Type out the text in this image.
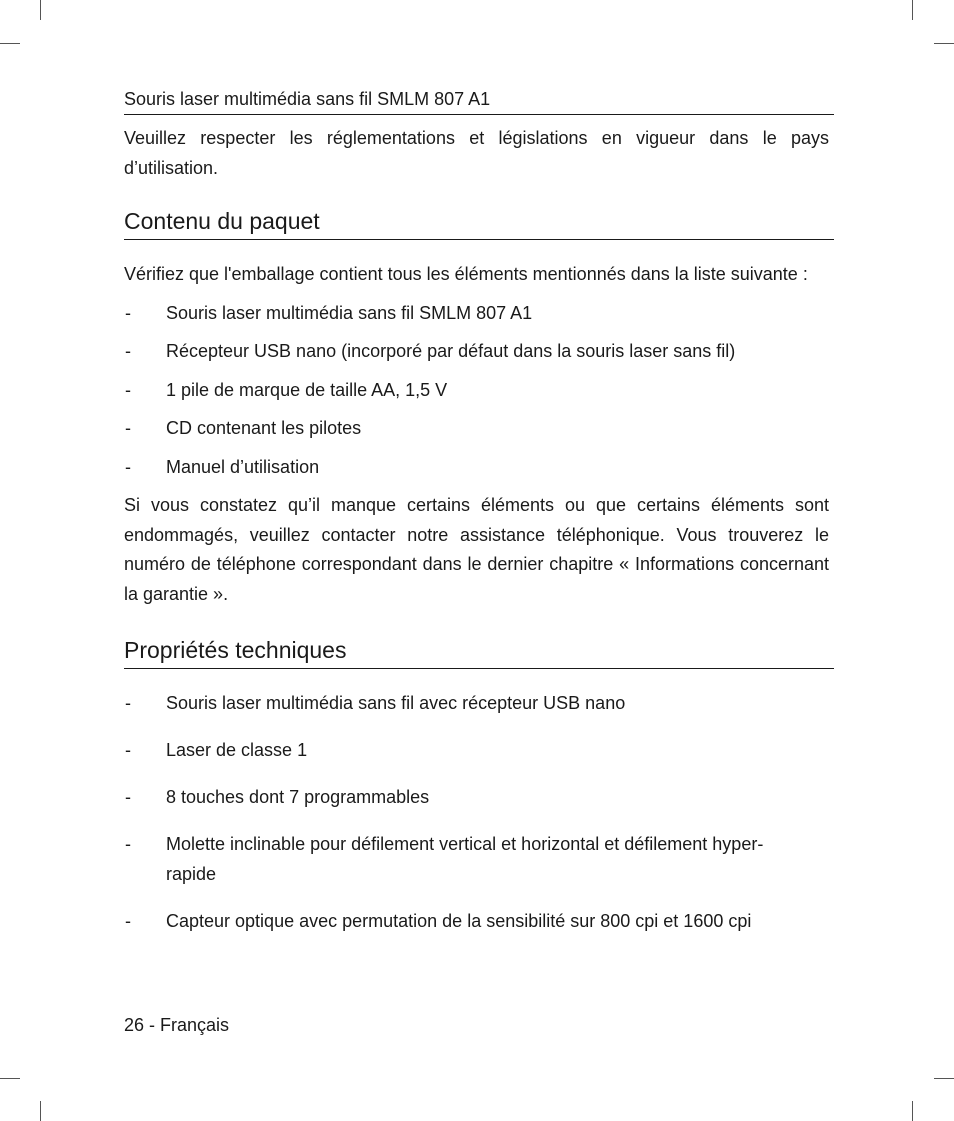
Souris laser multimédia sans fil SMLM 807 A1

Veuillez respecter les réglementations et législations en vigueur dans le pays d’utilisation.

Contenu du paquet

Vérifiez que l'emballage contient tous les éléments mentionnés dans la liste suivante :

- Souris laser multimédia sans fil SMLM 807 A1
- Récepteur USB nano (incorporé par défaut dans la souris laser sans fil)
- 1 pile de marque de taille AA, 1,5 V
- CD contenant les pilotes
- Manuel d’utilisation

Si vous constatez qu’il manque certains éléments ou que certains éléments sont endommagés, veuillez contacter notre assistance téléphonique. Vous trouverez le numéro de téléphone correspondant dans le dernier chapitre « Informations concernant la garantie ».

Propriétés techniques
- Souris laser multimédia sans fil avec récepteur USB nano
- Laser de classe 1
- 8 touches dont 7 programmables
- Molette inclinable pour défilement vertical et horizontal et défilement hyper-rapide
- Capteur optique avec permutation de la sensibilité sur 800 cpi et 1600 cpi
26 - Français
